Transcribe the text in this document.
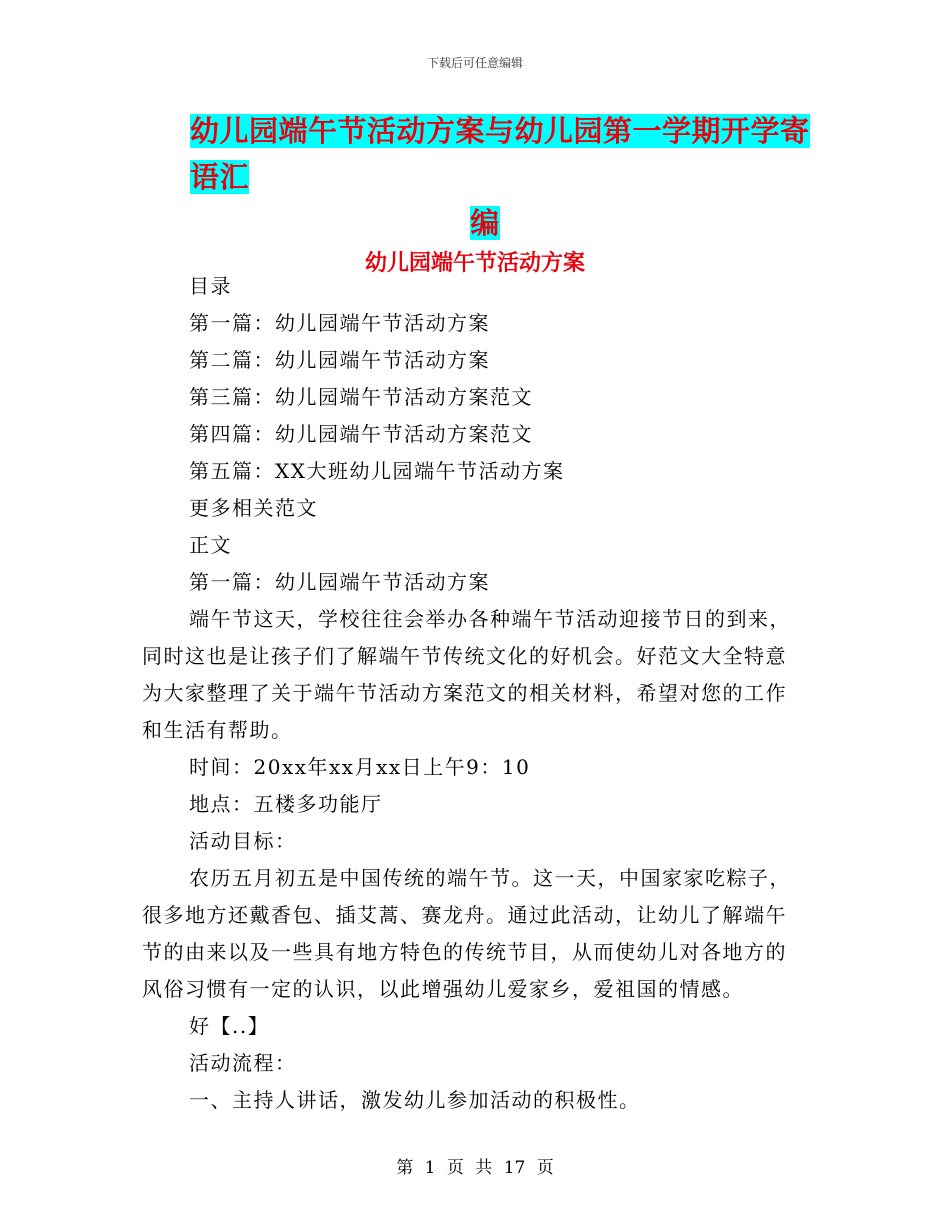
下载后可任意编辑
幼儿园端午节活动方案与幼儿园第一学期开学寄语汇
编
幼儿园端午节活动方案

目录

第一篇：幼儿园端午节活动方案

第二篇：幼儿园端午节活动方案

第三篇：幼儿园端午节活动方案范文

第四篇：幼儿园端午节活动方案范文

第五篇：XX大班幼儿园端午节活动方案

更多相关范文

正文

第一篇：幼儿园端午节活动方案

端午节这天，学校往往会举办各种端午节活动迎接节日的到来，同时这也是让孩子们了解端午节传统文化的好机会。好范文大全特意为大家整理了关于端午节活动方案范文的相关材料，希望对您的工作和生活有帮助。

时间：20xx年xx月xx日上午9：10

地点：五楼多功能厅

活动目标：

农历五月初五是中国传统的端午节。这一天，中国家家吃粽子，很多地方还戴香包、插艾蒿、赛龙舟。通过此活动，让幼儿了解端午节的由来以及一些具有地方特色的传统节目，从而使幼儿对各地方的风俗习惯有一定的认识，以此增强幼儿爱家乡，爱祖国的情感。

好【..】

活动流程：

一、主持人讲话，激发幼儿参加活动的积极性。

第 1 页 共 17 页
